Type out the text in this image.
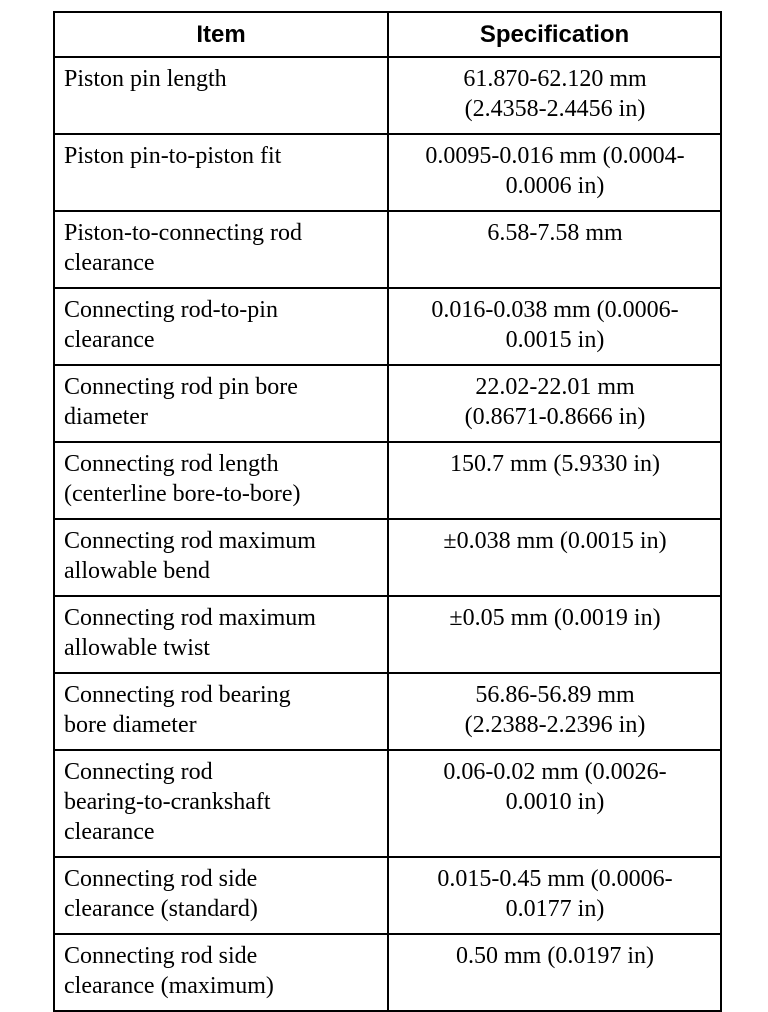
Item	Specification
Piston pin length	61.870-62.120 mm
(2.4358-2.4456 in)
Piston pin-to-piston fit	0.0095-0.016 mm (0.0004-
0.0006 in)
Piston-to-connecting rod
clearance	6.58-7.58 mm
Connecting rod-to-pin
clearance	0.016-0.038 mm (0.0006-
0.0015 in)
Connecting rod pin bore
diameter	22.02-22.01 mm
(0.8671-0.8666 in)
Connecting rod length
(centerline bore-to-bore)	150.7 mm (5.9330 in)
Connecting rod maximum
allowable bend	±0.038 mm (0.0015 in)
Connecting rod maximum
allowable twist	±0.05 mm (0.0019 in)
Connecting rod bearing
bore diameter	56.86-56.89 mm
(2.2388-2.2396 in)
Connecting rod
bearing-to-crankshaft
clearance	0.06-0.02 mm (0.0026-
0.0010 in)
Connecting rod side
clearance (standard)	0.015-0.45 mm (0.0006-
0.0177 in)
Connecting rod side
clearance (maximum)	0.50 mm (0.0197 in)
